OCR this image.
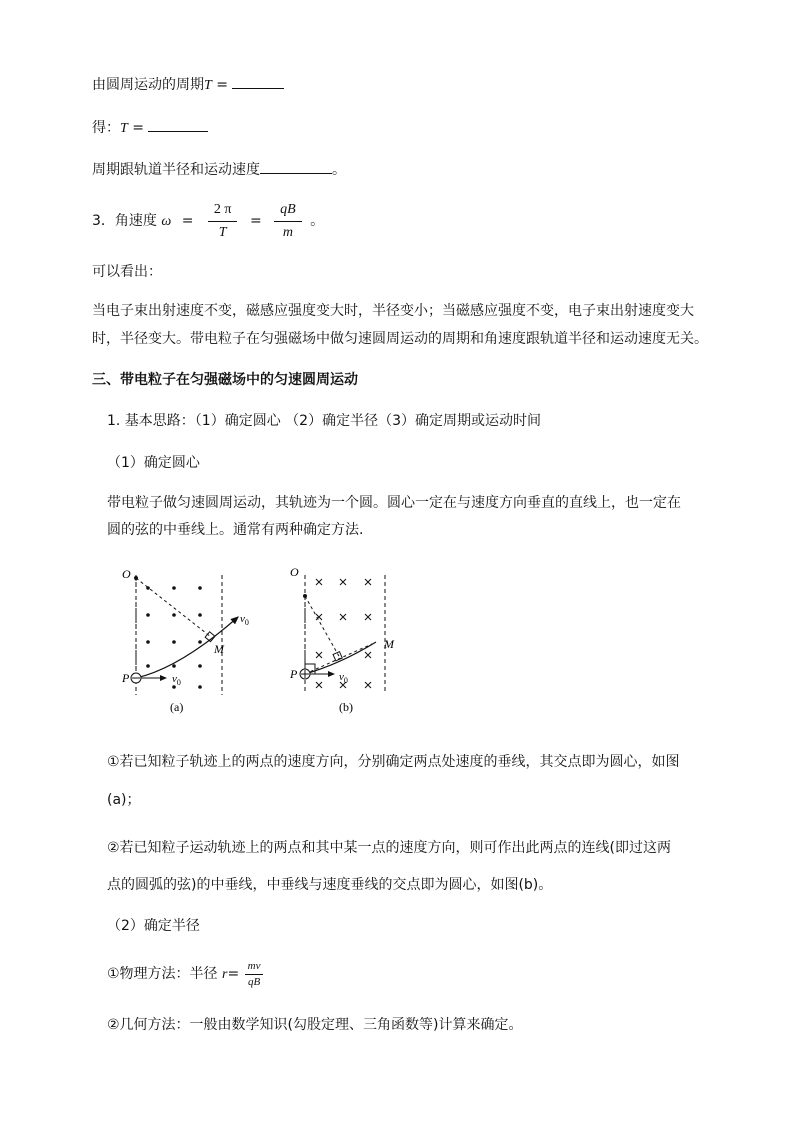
由圆周运动的周期T =
得：T =
周期跟轨道半径和运动速度	。
3．角速度 $\omega = \frac{2 \pi}{T} = \frac{qB}{m}$ 。
可以看出：
当电子束出射速度不变，磁感应强度变大时，半径变小；当磁感应强度不变，电子束出射速度变大
时，半径变大。带电粒子在匀强磁场中做匀速圆周运动的周期和角速度跟轨道半径和运动速度无关。
三、带电粒子在匀强磁场中的匀速圆周运动
1. 基本思路：（1）确定圆心 （2）确定半径（3）确定周期或运动时间
（1）确定圆心
带电粒子做匀速圆周运动，其轨迹为一个圆。圆心一定在与速度方向垂直的直线上，也一定在
圆的弦的中垂线上。通常有两种确定方法.
O
P
M
$v_0$
$v_0$
(a)
O
P
M
$v_0$
(b)
①若已知粒子轨迹上的两点的速度方向，分别确定两点处速度的垂线，其交点即为圆心，如图
(a)；
②若已知粒子运动轨迹上的两点和其中某一点的速度方向，则可作出此两点的连线(即过这两
点的圆弧的弦)的中垂线，中垂线与速度垂线的交点即为圆心，如图(b)。
（2）确定半径
①物理方法：半径 $r= \frac{mv}{qB}$
②几何方法：一般由数学知识(勾股定理、三角函数等)计算来确定。
